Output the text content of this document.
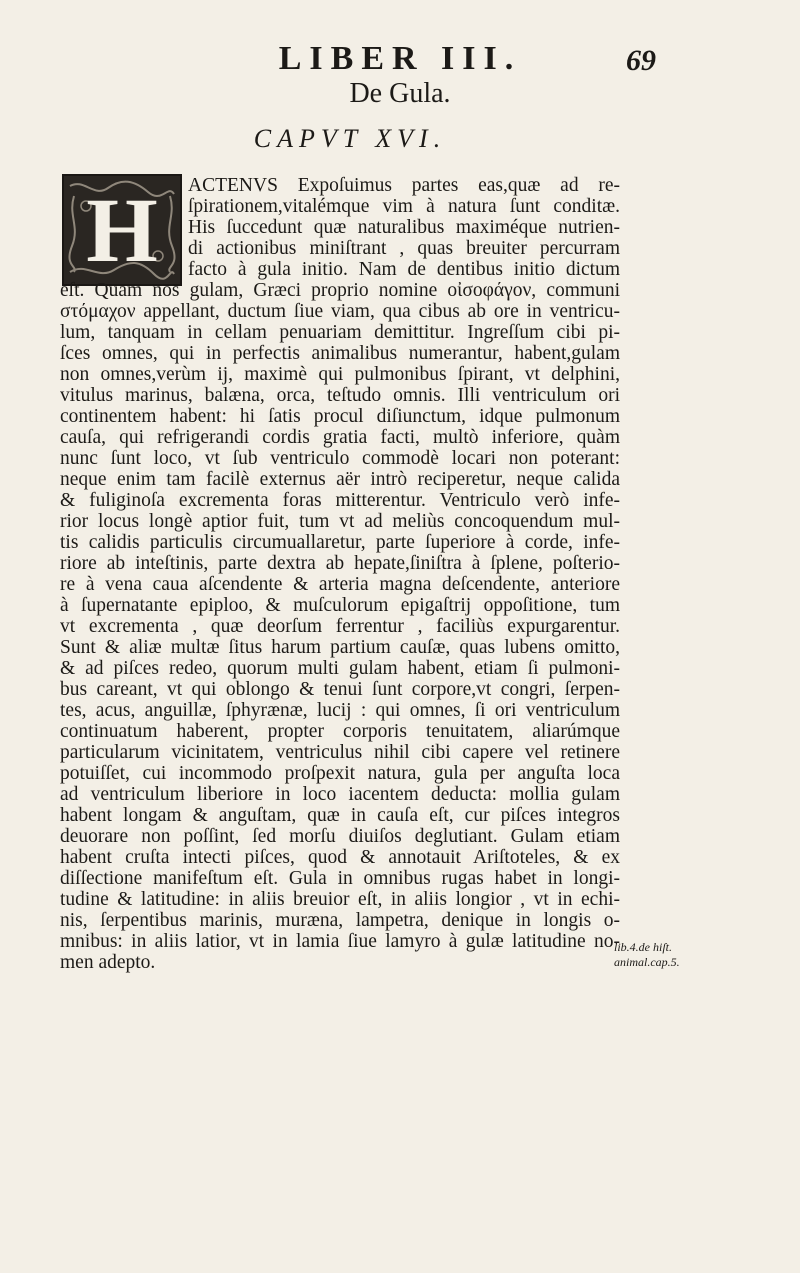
LIBER III.	69
De Gula.
CAPVT XVI.
H	ACTENVS Expoſuimus partes eas,quæ ad re-
ſpirationem,vitalémque vim à natura ſunt conditæ.
His ſuccedunt quæ naturalibus maximéque nutrien-
di actionibus miniſtrant , quas breuiter percurram
facto à gula initio. Nam de dentibus initio dictum
eſt. Quam nos gulam, Græci proprio nomine οἰσοφάγον, communi
στόμαχον appellant, ductum ſiue viam, qua cibus ab ore in ventricu-
lum, tanquam in cellam penuariam demittitur. Ingreſſum cibi pi-
ſces omnes, qui in perfectis animalibus numerantur, habent,gulam
non omnes,verùm ij, maximè qui pulmonibus ſpirant, vt delphini,
vitulus marinus, balæna, orca, teſtudo omnis. Illi ventriculum ori
continentem habent: hi ſatis procul diſiunctum, idque pulmonum
cauſa, qui refrigerandi cordis gratia facti, multò inferiore, quàm
nunc ſunt loco, vt ſub ventriculo commodè locari non poterant:
neque enim tam facilè externus aër intrò reciperetur, neque calida
& fuliginoſa excrementa foras mitterentur. Ventriculo verò infe-
rior locus longè aptior fuit, tum vt ad meliùs concoquendum mul-
tis calidis particulis circumuallaretur, parte ſuperiore à corde, infe-
riore ab inteſtinis, parte dextra ab hepate,ſiniſtra à ſplene, poſterio-
re à vena caua aſcendente & arteria magna deſcendente, anteriore
à ſupernatante epiploo, & muſculorum epigaſtrij oppoſitione, tum
vt excrementa , quæ deorſum ferrentur , faciliùs expurgarentur.
Sunt & aliæ multæ ſitus harum partium cauſæ, quas lubens omitto,
& ad piſces redeo, quorum multi gulam habent, etiam ſi pulmoni-
bus careant, vt qui oblongo & tenui ſunt corpore,vt congri, ſerpen-
tes, acus, anguillæ, ſphyrænæ, lucij : qui omnes, ſi ori ventriculum
continuatum haberent, propter corporis tenuitatem, aliarúmque
particularum vicinitatem, ventriculus nihil cibi capere vel retinere
potuiſſet, cui incommodo proſpexit natura, gula per anguſta loca
ad ventriculum liberiore in loco iacentem deducta: mollia gulam
habent longam & anguſtam, quæ in cauſa eſt, cur piſces integros
deuorare non poſſint, ſed morſu diuiſos deglutiant. Gulam etiam
habent cruſta intecti piſces, quod & annotauit Ariſtoteles, & ex
diſſectione manifeſtum eſt. Gula in omnibus rugas habet in longi-
tudine & latitudine: in aliis breuior eſt, in aliis longior , vt in echi-
nis, ſerpentibus marinis, murænа, lampetra, denique in longis o-
mnibus: in aliis latior, vt in lamia ſiue lamyro à gulæ latitudine no-
men adepto.
lib.4.de hiſt.
animal.cap.5.
